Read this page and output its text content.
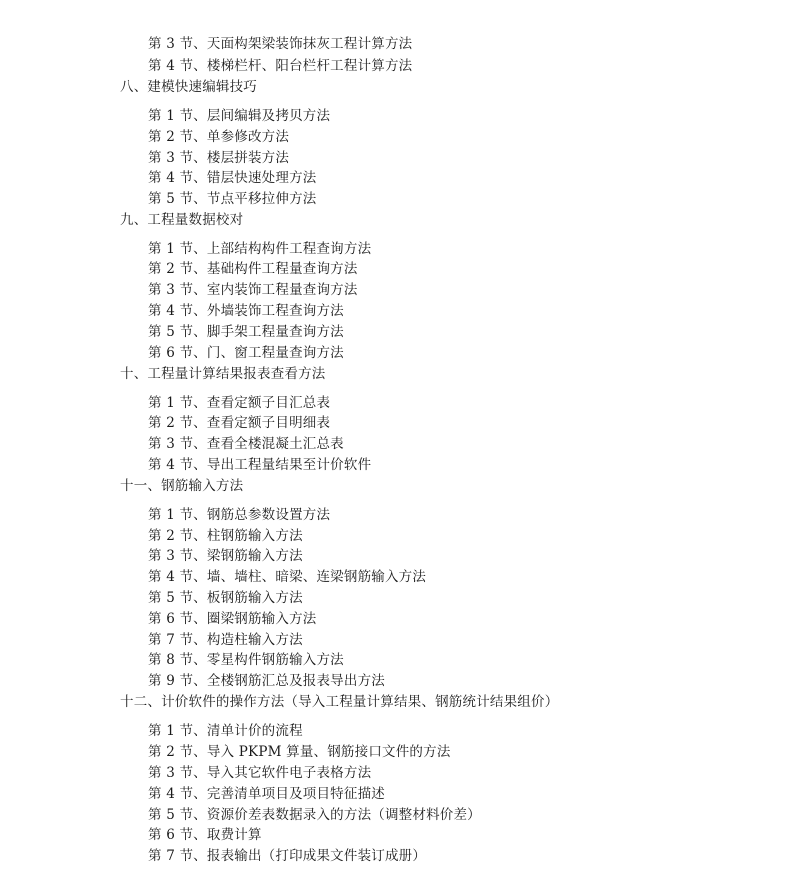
第 3 节、天面构架梁装饰抹灰工程计算方法
第 4 节、楼梯栏杆、阳台栏杆工程计算方法
八、建模快速编辑技巧
第 1 节、层间编辑及拷贝方法
第 2 节、单参修改方法
第 3 节、楼层拼装方法
第 4 节、错层快速处理方法
第 5 节、节点平移拉伸方法
九、工程量数据校对
第 1 节、上部结构构件工程查询方法
第 2 节、基础构件工程量查询方法
第 3 节、室内装饰工程量查询方法
第 4 节、外墙装饰工程查询方法
第 5 节、脚手架工程量查询方法
第 6 节、门、窗工程量查询方法
十、工程量计算结果报表查看方法
第 1 节、查看定额子目汇总表
第 2 节、查看定额子目明细表
第 3 节、查看全楼混凝土汇总表
第 4 节、导出工程量结果至计价软件
十一、钢筋输入方法
第 1 节、钢筋总参数设置方法
第 2 节、柱钢筋输入方法
第 3 节、梁钢筋输入方法
第 4 节、墙、墙柱、暗梁、连梁钢筋输入方法
第 5 节、板钢筋输入方法
第 6 节、圈梁钢筋输入方法
第 7 节、构造柱输入方法
第 8 节、零星构件钢筋输入方法
第 9 节、全楼钢筋汇总及报表导出方法
十二、计价软件的操作方法（导入工程量计算结果、钢筋统计结果组价）
第 1 节、清单计价的流程
第 2 节、导入 PKPM 算量、钢筋接口文件的方法
第 3 节、导入其它软件电子表格方法
第 4 节、完善清单项目及项目特征描述
第 5 节、资源价差表数据录入的方法（调整材料价差）
第 6 节、取费计算
第 7 节、报表输出（打印成果文件装订成册）
